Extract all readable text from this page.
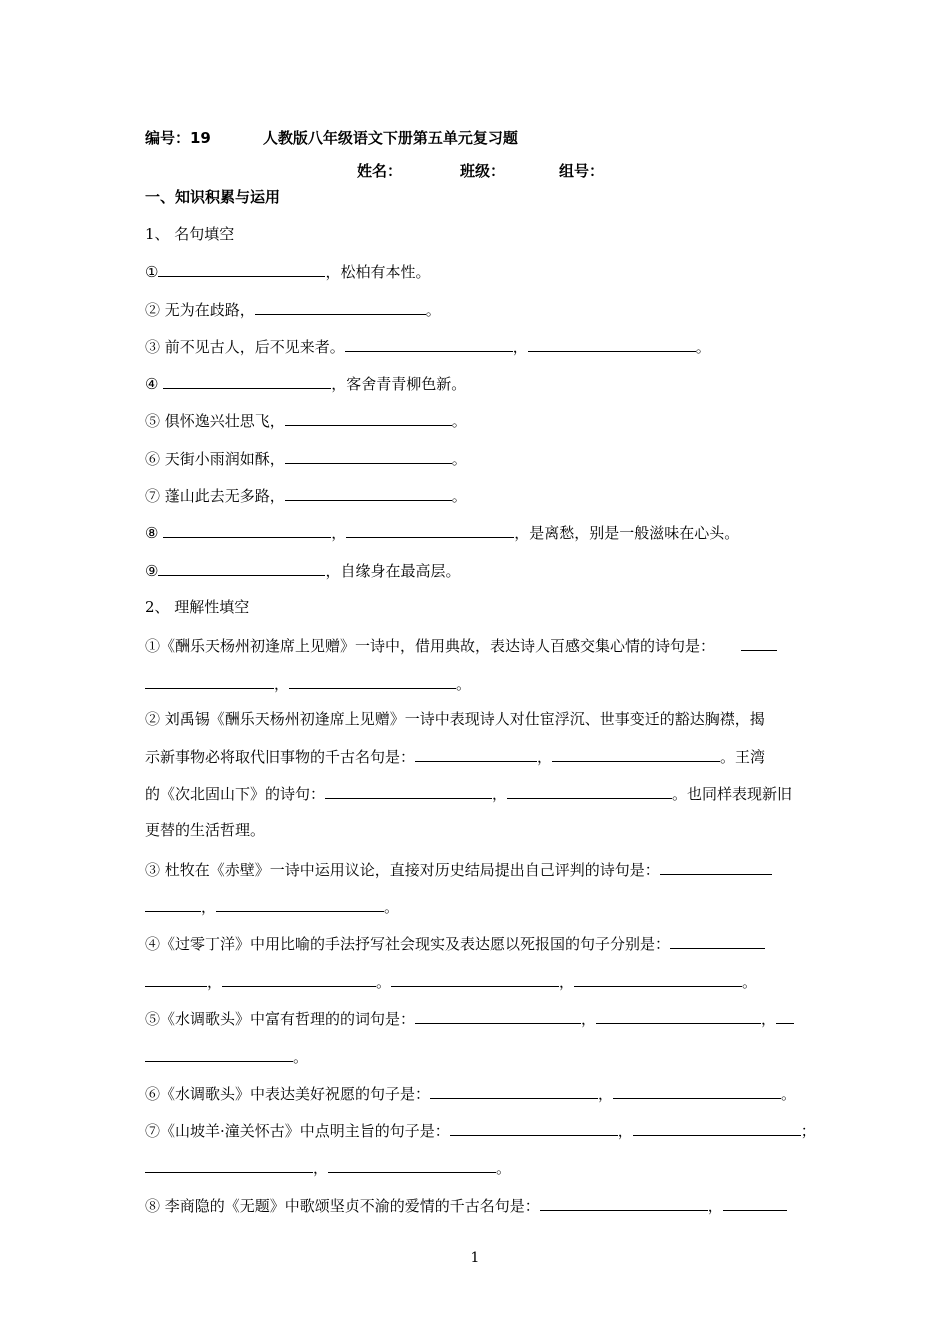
编号：19	人教版八年级语文下册第五单元复习题
姓名：	班级：	组号：
一、知识积累与运用
1、 名句填空
①	，松柏有本性。
② 无为在歧路，	。
③ 前不见古人，后不见来者。	，	。
④	，客舍青青柳色新。
⑤ 俱怀逸兴壮思飞，	。
⑥ 天街小雨润如酥，	。
⑦ 蓬山此去无多路，	。
⑧	，	，是离愁，别是一般滋味在心头。
⑨	，自缘身在最高层。
2、 理解性填空
①《酬乐天杨州初逢席上见赠》一诗中，借用典故，表达诗人百感交集心情的诗句是：
，	。
② 刘禹锡《酬乐天杨州初逢席上见赠》一诗中表现诗人对仕宦浮沉、世事变迁的豁达胸襟，揭
示新事物必将取代旧事物的千古名句是：	，	。王湾
的《次北固山下》的诗句：	，	。也同样表现新旧
更替的生活哲理。
③ 杜牧在《赤壁》一诗中运用议论，直接对历史结局提出自己评判的诗句是：
，	。
④《过零丁洋》中用比喻的手法抒写社会现实及表达愿以死报国的句子分别是：
，	。	，	。
⑤《水调歌头》中富有哲理的的词句是：	，	，
。
⑥《水调歌头》中表达美好祝愿的句子是：	，	。
⑦《山坡羊·潼关怀古》中点明主旨的句子是：	，	；
，	。
⑧ 李商隐的《无题》中歌颂坚贞不渝的爱情的千古名句是：	，
1
